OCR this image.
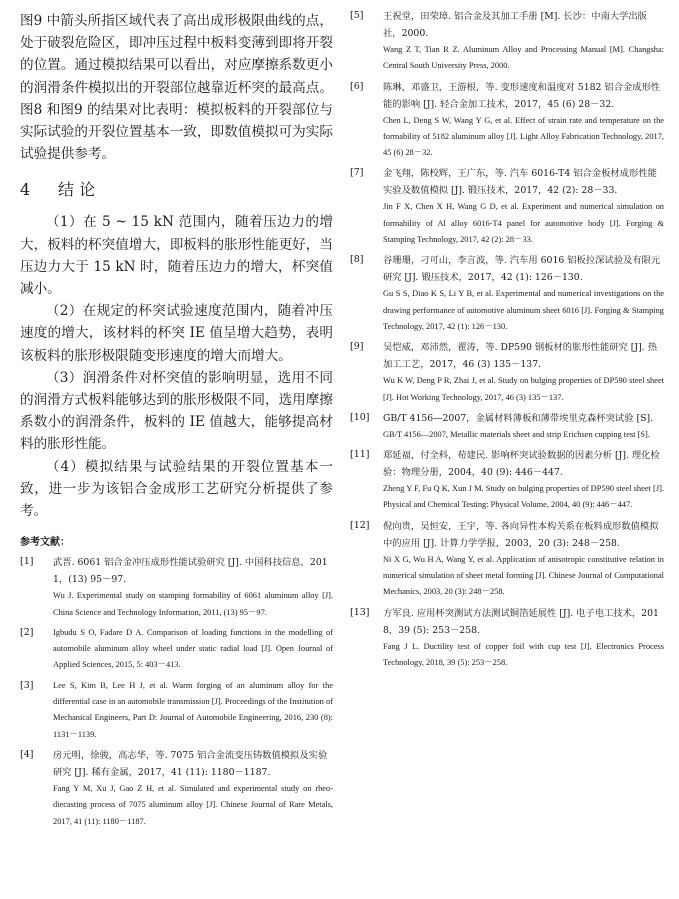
图9 中箭头所指区域代表了高出成形极限曲线的点，处于破裂危险区，即冲压过程中板料变薄到即将开裂的位置。通过模拟结果可以看出，对应摩擦系数更小的润滑条件模拟出的开裂部位越靠近杯突的最高点。图8 和图9 的结果对比表明：模拟板料的开裂部位与实际试验的开裂位置基本一致，即数值模拟可为实际试验提供参考。

4 结 论

（1）在 5 ~ 15 kN 范围内，随着压边力的增大，板料的杯突值增大，即板料的胀形性能更好，当压边力大于 15 kN 时，随着压边力的增大，杯突值减小。

（2）在规定的杯突试验速度范围内，随着冲压速度的增大，该材料的杯突 IE 值呈增大趋势，表明该板料的胀形极限随变形速度的增大而增大。

（3）润滑条件对杯突值的影响明显，选用不同的润滑方式板料能够达到的胀形极限不同，选用摩擦系数小的润滑条件，板料的 IE 值越大，能够提高材料的胀形性能。

（4）模拟结果与试验结果的开裂位置基本一致，进一步为该铝合金成形工艺研究分析提供了参考。

参考文献：
[1] 武晋. 6061 铝合金冲压成形性能试验研究 [J]. 中国科技信息，2011，(13) 95－97.

Wu J. Experimental study on stamping formability of 6061 aluminum alloy [J]. China Science and Technology Information, 2011, (13) 95－97.

[2] Igbudu S O, Fadare D A. Comparison of loading functions in the modelling of automobile aluminum alloy wheel under static radial load [J]. Open Journal of Applied Sciences, 2015, 5: 403－413.

[3] Lee S, Kim B, Lee H J, et al. Warm forging of an aluminum alloy for the differential case in an automobile transmission [J]. Proceedings of the Institution of Mechanical Engineers, Part D: Journal of Automobile Engineering, 2016, 230 (8): 1131－1139.

[4] 房元明，徐骏，高志华，等. 7075 铝合金流变压铸数值模拟及实验研究 [J]. 稀有金属，2017，41 (11): 1180－1187.

Fang Y M, Xu J, Gao Z H, et al. Simulated and experimental study on rheo-diecasting process of 7075 aluminum alloy [J]. Chinese Journal of Rare Metals, 2017, 41 (11): 1180－1187.

[5] 王祝堂，田荣璋. 铝合金及其加工手册 [M]. 长沙：中南大学出版社，2000.

Wang Z T, Tian R Z. Aluminum Alloy and Processing Manual [M]. Changsha: Central South University Press, 2000.

[6] 陈琳，邓盛卫，王游根，等. 变形速度和温度对 5182 铝合金成形性能的影响 [J]. 轻合金加工技术，2017，45 (6) 28－32.

Chen L, Deng S W, Wang Y G, et al. Effect of strain rate and temperature on the formability of 5182 aluminum alloy [J]. Light Alloy Fabrication Technology, 2017, 45 (6) 28－32.

[7] 金飞翔，陈校辉，王广东，等. 汽车 6016-T4 铝合金板材成形性能实验及数值模拟 [J]. 锻压技术，2017，42 (2): 28－33.

Jin F X, Chen X H, Wang G D, et al. Experiment and numerical simulation on formability of Al alloy 6016-T4 panel for automotive body [J]. Forging & Stamping Technology, 2017, 42 (2): 28－33.

[8] 谷珊珊，刁可山，李言波，等. 汽车用 6016 铝板拉深试验及有限元研究 [J]. 锻压技术，2017，42 (1): 126－130.

Gu S S, Diao K S, Li Y B, et al. Experimental and numerical investigations on the drawing performance of automotive aluminum sheet 6016 [J]. Forging & Stamping Technology, 2017, 42 (1): 126－130.

[9] 吴恺威，邓沛然，翟涛，等. DP590 钢板材的胀形性能研究 [J]. 热加工工艺，2017，46 (3) 135－137.

Wu K W, Deng P R, Zhai J, et al. Study on bulging properties of DP590 steel sheet [J]. Hot Working Technology, 2017, 46 (3) 135－137.

[10] GB/T 4156—2007，金属材料薄板和薄带埃里克森杯突试验 [S].

GB/T 4156—2007, Metallic materials sheet and strip Erichsen cupping test [S].

[11] 郑延福，付全科，荀建民. 影响杯突试验数据的因素分析 [J]. 理化检验：物理分册，2004，40 (9): 446－447.

Zheng Y F, Fu Q K, Xun J M. Study on bulging properties of DP590 steel sheet [J]. Physical and Chemical Testing: Physical Volume, 2004, 40 (9): 446－447.

[12] 倪向贵，吴恒安，王宇，等. 各向异性本构关系在板料成形数值模拟中的应用 [J]. 计算力学学报，2003，20 (3): 248－258.

Ni X G, Wu H A, Wang Y, et al. Application of anisotropic constitutive relation in numerical simulation of sheet metal forming [J]. Chinese Journal of Computational Mechanics, 2003, 20 (3): 248－258.

[13] 方军良. 应用杯突测试方法测试铜箔延展性 [J]. 电子电工技术，2018，39 (5): 253－258.

Fang J L. Ductility test of copper foil with cup test [J]. Electronics Process Technology, 2018, 39 (5): 253－258.
